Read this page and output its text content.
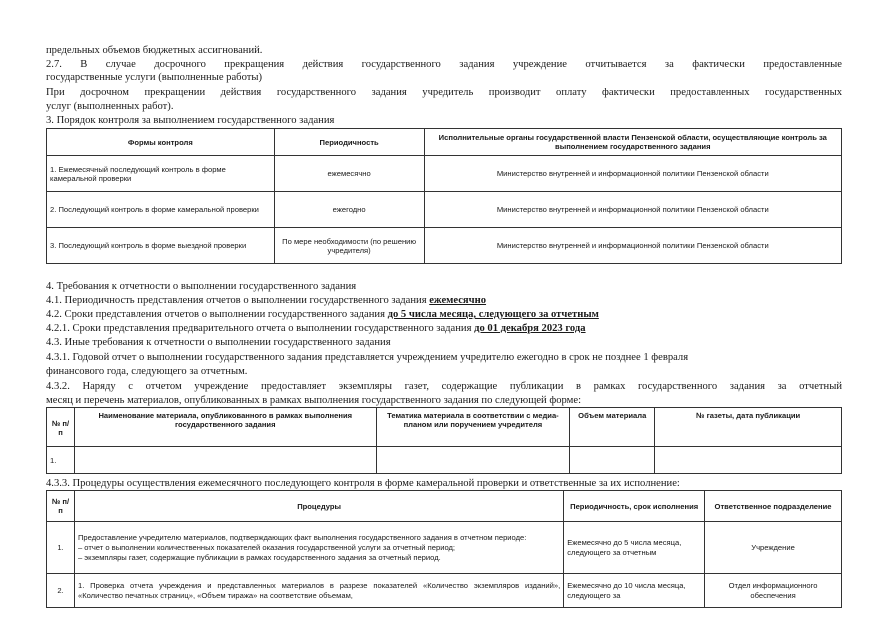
предельных объемов бюджетных ассигнований.
2.7. В случае досрочного прекращения действия государственного задания учреждение отчитывается за фактически предоставленные
государственные услуги (выполненные работы)
При досрочном прекращении действия государственного задания учредитель производит оплату фактически предоставленных государственных
услуг (выполненных работ).
3. Порядок контроля за выполнением государственного задания
Формы контроля	Периодичность	Исполнительные органы государственной власти Пензенской области, осуществляющие контроль за выполнением государственного задания
1. Ежемесячный последующий контроль в форме камеральной проверки	ежемесячно	Министерство внутренней и информационной политики Пензенской области
2. Последующий контроль в форме камеральной проверки	ежегодно	Министерство внутренней и информационной политики Пензенской области
3. Последующий контроль в форме выездной проверки	По мере необходимости (по решению учредителя)	Министерство внутренней и информационной политики Пензенской области
4. Требования к отчетности о выполнении государственного задания
4.1. Периодичность представления отчетов о выполнении государственного задания ежемесячно
4.2. Сроки представления отчетов о выполнении государственного задания до 5 числа месяца, следующего за отчетным
4.2.1. Сроки представления предварительного отчета о выполнении государственного задания до 01 декабря 2023 года
4.3. Иные требования к отчетности о выполнении государственного задания
4.3.1. Годовой отчет о выполнении государственного задания представляется учреждением учредителю ежегодно в срок не позднее 1 февраля
финансового года, следующего за отчетным.
4.3.2. Наряду с отчетом учреждение предоставляет экземпляры газет, содержащие публикации в рамках государственного задания за отчетный
месяц и перечень материалов, опубликованных в рамках выполнения государственного задания по следующей форме:
№ п/п	Наименование материала, опубликованного в рамках выполнения государственного задания	Тематика материала в соответствии с медиа-планом или поручением учредителя	Объем материала	№ газеты, дата публикации
1.				
4.3.3. Процедуры осуществления ежемесячного последующего контроля в форме камеральной проверки и ответственные за их исполнение:
№ п/п	Процедуры	Периодичность, срок исполнения	Ответственное подразделение
1.	Предоставление учредителю материалов, подтверждающих факт выполнения государственного задания в отчетном периоде:
– отчет о выполнении количественных показателей оказания государственной услуги за отчетный период;
– экземпляры газет, содержащие публикации в рамках государственного задания за отчетный период.	Ежемесячно до 5 числа месяца, следующего за отчетным	Учреждение
2.	1. Проверка отчета учреждения и представленных материалов в разрезе показателей «Количество экземпляров изданий», «Количество печатных страниц», «Объем тиража» на соответствие объемам,	Ежемесячно до 10 числа месяца, следующего за	Отдел информационного обеспечения
